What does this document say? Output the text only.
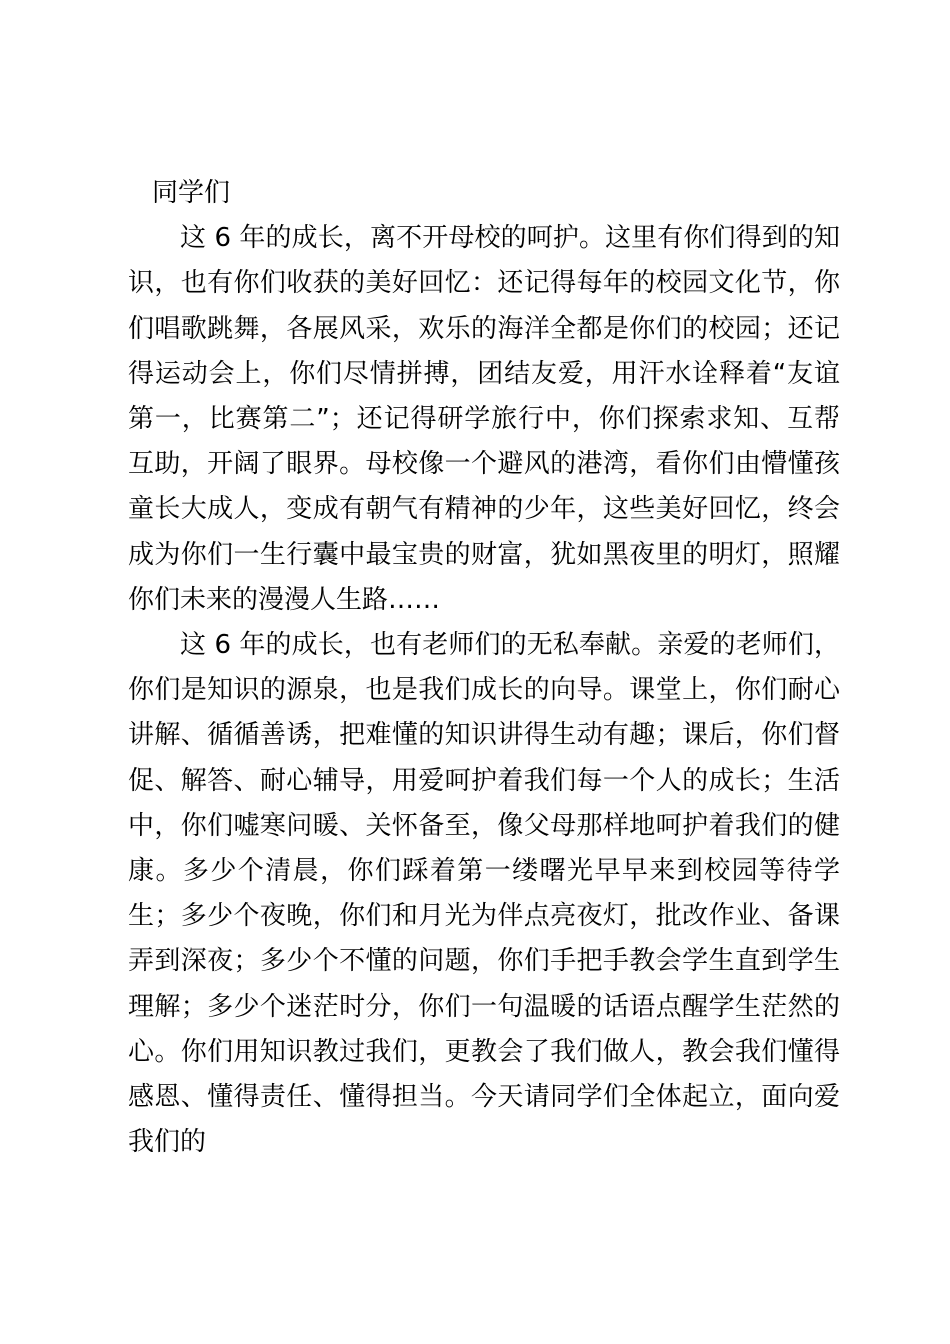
同学们

这 6 年的成长，离不开母校的呵护。这里有你们得到的知识，也有你们收获的美好回忆：还记得每年的校园文化节，你们唱歌跳舞，各展风采，欢乐的海洋全都是你们的校园；还记得运动会上，你们尽情拼搏，团结友爱，用汗水诠释着“友谊第一，比赛第二”；还记得研学旅行中，你们探索求知、互帮互助，开阔了眼界。母校像一个避风的港湾，看你们由懵懂孩童长大成人，变成有朝气有精神的少年，这些美好回忆，终会成为你们一生行囊中最宝贵的财富，犹如黑夜里的明灯，照耀你们未来的漫漫人生路……

这 6 年的成长，也有老师们的无私奉献。亲爱的老师们，你们是知识的源泉，也是我们成长的向导。课堂上，你们耐心讲解、循循善诱，把难懂的知识讲得生动有趣；课后，你们督促、解答、耐心辅导，用爱呵护着我们每一个人的成长；生活中，你们嘘寒问暖、关怀备至，像父母那样地呵护着我们的健康。多少个清晨，你们踩着第一缕曙光早早来到校园等待学生；多少个夜晚，你们和月光为伴点亮夜灯，批改作业、备课弄到深夜；多少个不懂的问题，你们手把手教会学生直到学生理解；多少个迷茫时分，你们一句温暖的话语点醒学生茫然的心。你们用知识教过我们，更教会了我们做人，教会我们懂得感恩、懂得责任、懂得担当。今天请同学们全体起立，面向爱我们的
